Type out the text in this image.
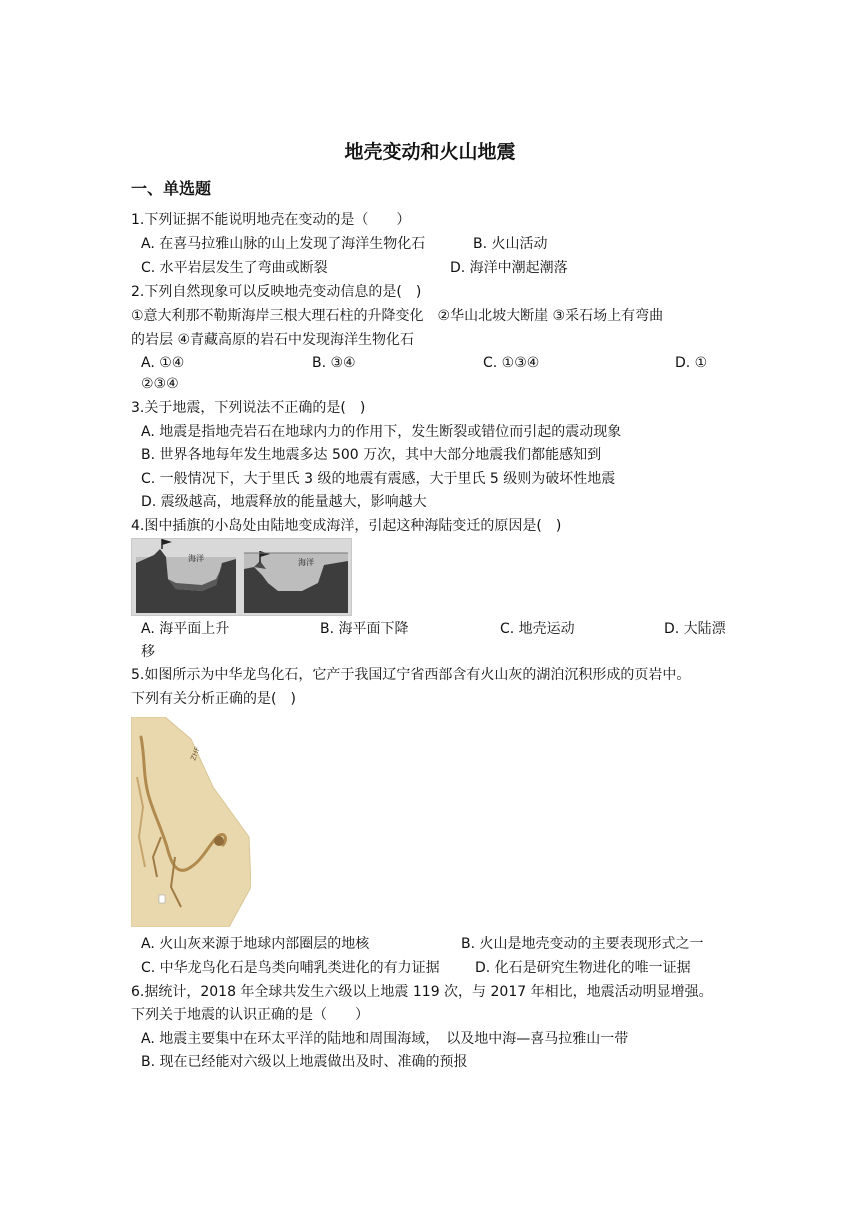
地壳变动和火山地震
一、单选题
1.下列证据不能说明地壳在变动的是（　　）
A. 在喜马拉雅山脉的山上发现了海洋生物化石	B. 火山活动
C. 水平岩层发生了弯曲或断裂	D. 海洋中潮起潮落
2.下列自然现象可以反映地壳变动信息的是(　)
①意大利那不勒斯海岸三根大理石柱的升降变化　②华山北坡大断崖 ③采石场上有弯曲
的岩层 ④青藏高原的岩石中发现海洋生物化石
A. ①④	B. ③④	C. ①③④	D. ①
②③④
3.关于地震，下列说法不正确的是(　)
A. 地震是指地壳岩石在地球内力的作用下，发生断裂或错位而引起的震动现象
B. 世界各地每年发生地震多达 500 万次，其中大部分地震我们都能感知到
C. 一般情况下，大于里氏 3 级的地震有震感，大于里氏 5 级则为破坏性地震
D. 震级越高，地震释放的能量越大，影响越大
4.图中插旗的小岛处由陆地变成海洋，引起这种海陆变迁的原因是(　)
海洋	海洋
A. 海平面上升	B. 海平面下降	C. 地壳运动	D. 大陆漂
移
5.如图所示为中华龙鸟化石，它产于我国辽宁省西部含有火山灰的湖泊沉积形成的页岩中。
下列有关分析正确的是(　)
ZHF
A. 火山灰来源于地球内部圈层的地核	B. 火山是地壳变动的主要表现形式之一
C. 中华龙鸟化石是鸟类向哺乳类进化的有力证据	D. 化石是研究生物进化的唯一证据
6.据统计，2018 年全球共发生六级以上地震 119 次，与 2017 年相比，地震活动明显增强。
下列关于地震的认识正确的是（　　）
A. 地震主要集中在环太平洋的陆地和周围海域，　以及地中海—喜马拉雅山一带
B. 现在已经能对六级以上地震做出及时、准确的预报
